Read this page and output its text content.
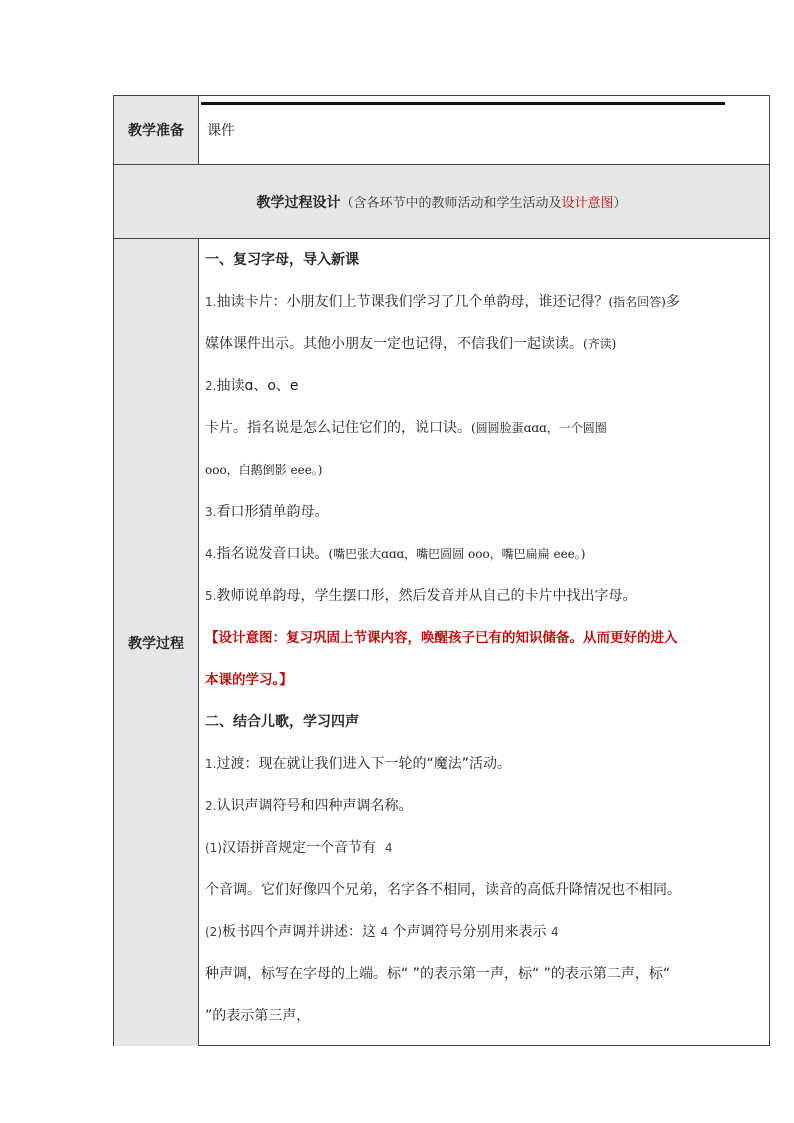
教学准备 课件
教学过程设计 （含各环节中的教师活动和学生活动及 设计意图 ）
教学过程
一、复习字母，导入新课
1.抽读卡片：小朋友们上节课我们学习了几个单韵母，谁还记得？(指名回答)多
媒体课件出示。其他小朋友一定也记得，不信我们一起读读。(齐读)
2.抽读ɑ、o、e
卡片。指名说是怎么记住它们的，说口诀。(圆圆脸蛋ɑɑɑ，一个圆圈
ooo，白鹅倒影 eee。)
3.看口形猜单韵母。
4.指名说发音口诀。(嘴巴张大ɑɑɑ，嘴巴圆圆 ooo，嘴巴扁扁 eee。)
5.教师说单韵母，学生摆口形，然后发音并从自己的卡片中找出字母。
【设计意图：复习巩固上节课内容，唤醒孩子已有的知识储备。从而更好的进入
本课的学习。】
二、结合儿歌，学习四声
1.过渡：现在就让我们进入下一轮的“魔法”活动。
2.认识声调符号和四种声调名称。
(1)汉语拼音规定一个音节有 4
个音调。它们好像四个兄弟，名字各不相同，读音的高低升降情况也不相同。
(2)板书四个声调并讲述：这 4 个声调符号分别用来表示 4
种声调，标写在字母的上端。标“ ”的表示第一声，标“ ”的表示第二声，标“
”的表示第三声，
